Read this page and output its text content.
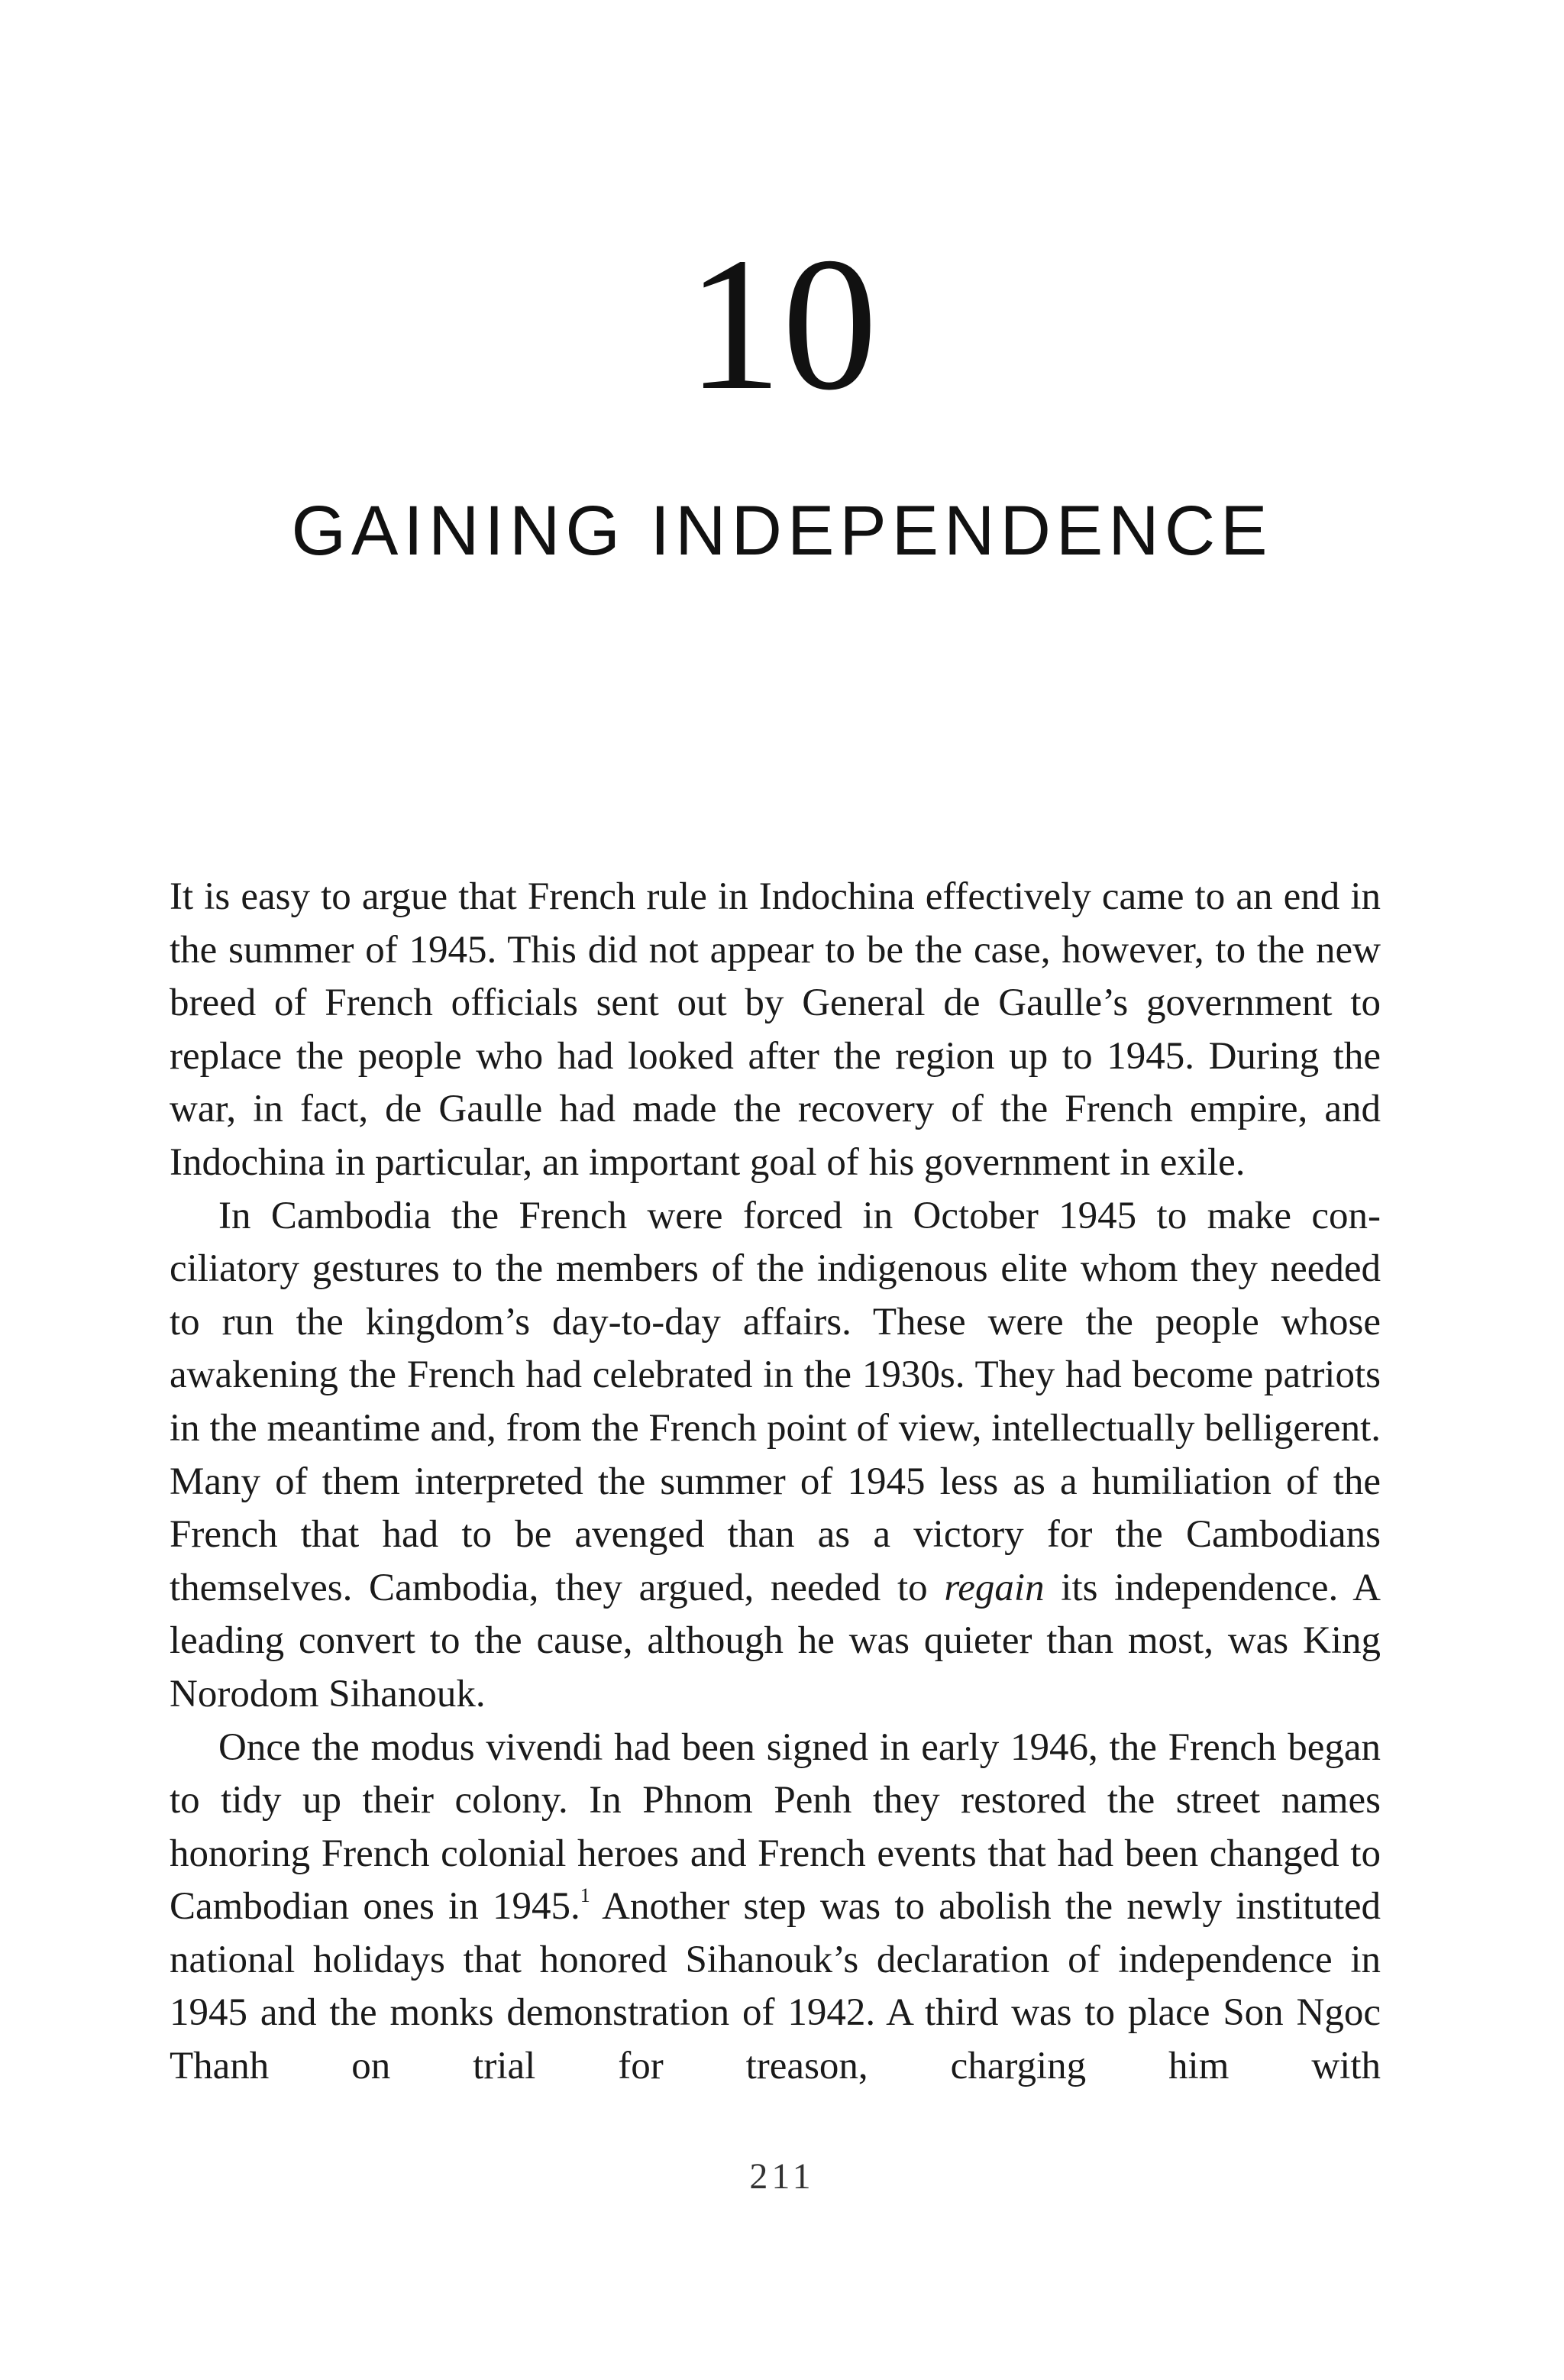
10
GAINING INDEPENDENCE

It is easy to argue that French rule in Indochina effectively came to an end in the summer of 1945. This did not appear to be the case, however, to the new breed of French officials sent out by General de Gaulle’s government to replace the people who had looked after the region up to 1945. During the war, in fact, de Gaulle had made the recovery of the French empire, and Indochina in particular, an important goal of his government in exile.

In Cambodia the French were forced in October 1945 to make conciliatory gestures to the members of the indigenous elite whom they needed to run the kingdom’s day-to-day affairs. These were the people whose awakening the French had celebrated in the 1930s. They had become patriots in the meantime and, from the French point of view, intellectually belligerent. Many of them interpreted the summer of 1945 less as a humiliation of the French that had to be avenged than as a victory for the Cambodians themselves. Cambodia, they argued, needed to regain its independence. A leading convert to the cause, although he was quieter than most, was King Norodom Sihanouk.

Once the modus vivendi had been signed in early 1946, the French began to tidy up their colony. In Phnom Penh they restored the street names honoring French colonial heroes and French events that had been changed to Cambodian ones in 1945.$^1$ Another step was to abolish the newly instituted national holidays that honored Sihanouk’s declaration of independence in 1945 and the monks demonstration of 1942. A third was to place Son Ngoc Thanh on trial for treason, charging him with

211
